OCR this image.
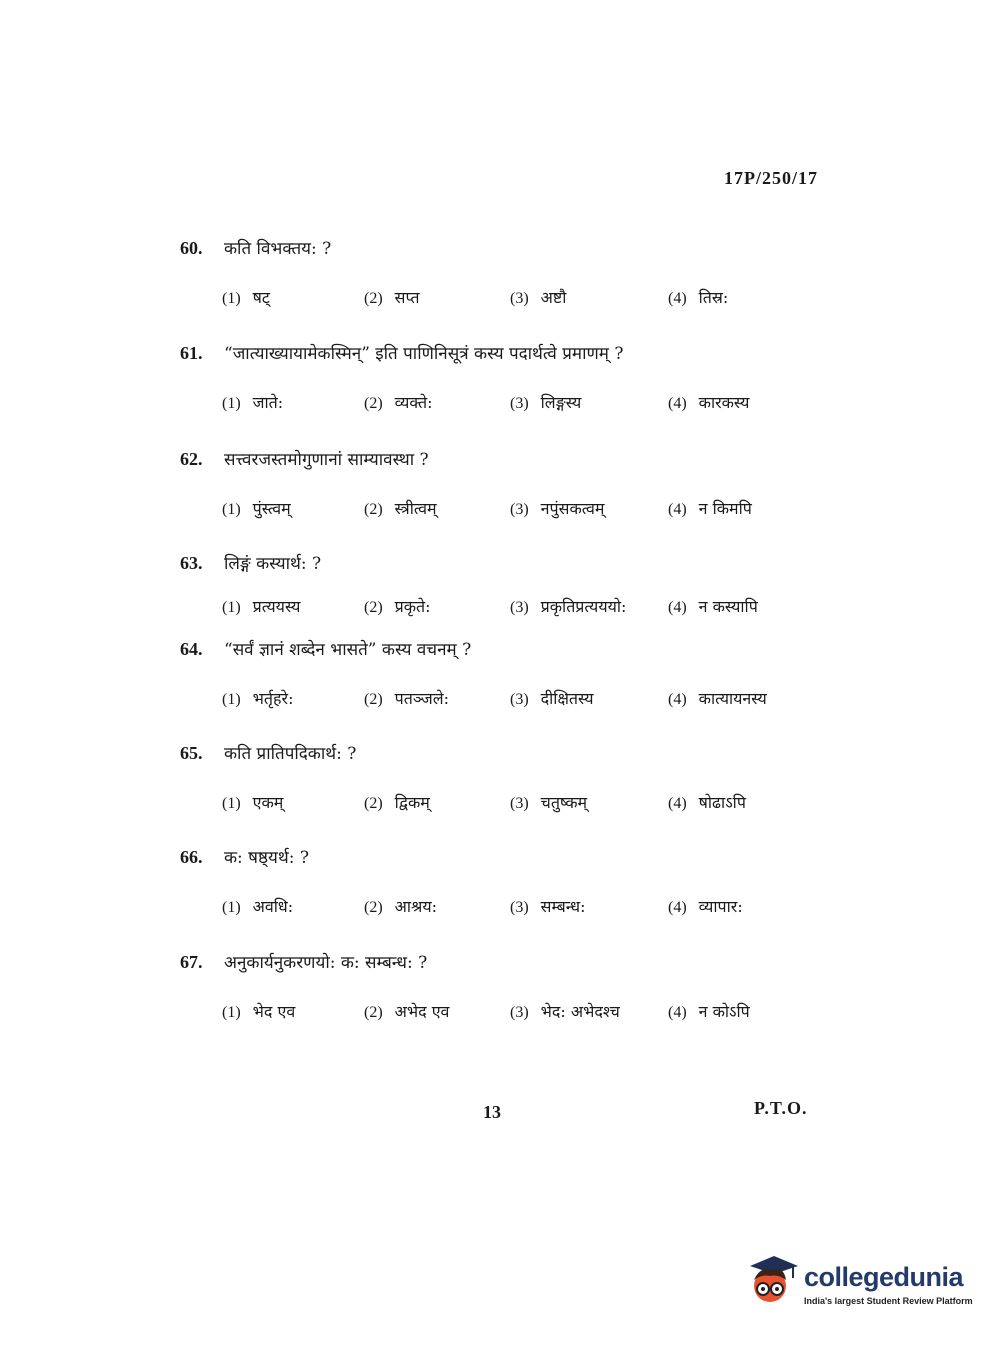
17P/250/17
60.	कति विभक्तय: ?
(1) षट्	(2) सप्त	(3) अष्टौ	(4) तिस्र:
61.	“जात्याख्यायामेकस्मिन्” इति पाणिनिसूत्रं कस्य पदार्थत्वे प्रमाणम् ?
(1) जाते:	(2) व्यक्ते:	(3) लिङ्गस्य	(4) कारकस्य
62.	सत्त्वरजस्तमोगुणानां साम्यावस्था ?
(1) पुंस्त्वम्	(2) स्त्रीत्वम्	(3) नपुंसकत्वम्	(4) न किमपि
63.	लिङ्गं कस्यार्थ: ?
(1) प्रत्ययस्य	(2) प्रकृते:	(3) प्रकृतिप्रत्यययो:	(4) न कस्यापि
64.	“सर्वं ज्ञानं शब्देन भासते” कस्य वचनम् ?
(1) भर्तृहरे:	(2) पतञ्जले:	(3) दीक्षितस्य	(4) कात्यायनस्य
65.	कति प्रातिपदिकार्थ: ?
(1) एकम्	(2) द्विकम्	(3) चतुष्कम्	(4) षोढाऽपि
66.	क: षष्ठ्यर्थ: ?
(1) अवधि:	(2) आश्रय:	(3) सम्बन्ध:	(4) व्यापार:
67.	अनुकार्यनुकरणयो: क: सम्बन्ध: ?
(1) भेद एव	(2) अभेद एव	(3) भेद: अभेदश्च	(4) न कोऽपि
13	P.T.O.
collegedunia
India's largest Student Review Platform
